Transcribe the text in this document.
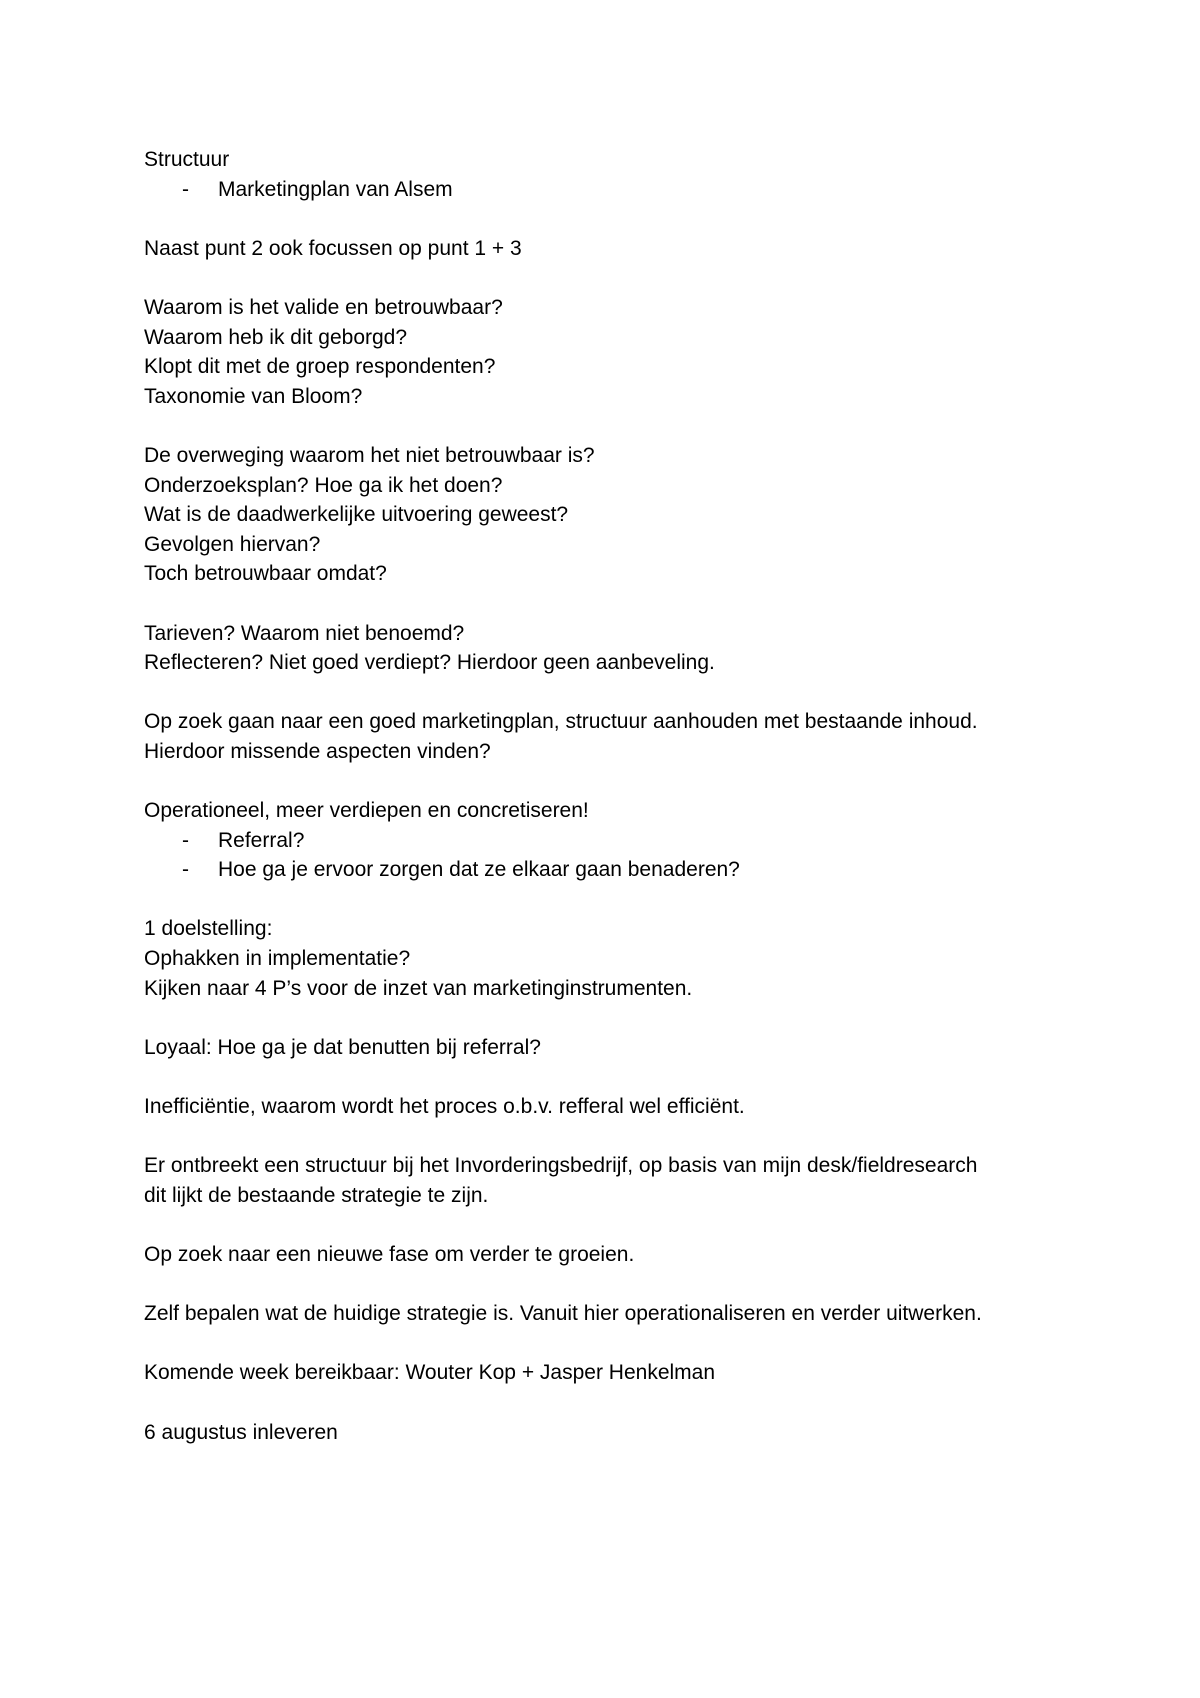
Structuur
- Marketingplan van Alsem
Naast punt 2 ook focussen op punt 1 + 3
Waarom is het valide en betrouwbaar?
Waarom heb ik dit geborgd?
Klopt dit met de groep respondenten?
Taxonomie van Bloom?
De overweging waarom het niet betrouwbaar is?
Onderzoeksplan? Hoe ga ik het doen?
Wat is de daadwerkelijke uitvoering geweest?
Gevolgen hiervan?
Toch betrouwbaar omdat?
Tarieven? Waarom niet benoemd?
Reflecteren? Niet goed verdiept? Hierdoor geen aanbeveling.
Op zoek gaan naar een goed marketingplan, structuur aanhouden met bestaande inhoud.
Hierdoor missende aspecten vinden?
Operationeel, meer verdiepen en concretiseren!
- Referral?
- Hoe ga je ervoor zorgen dat ze elkaar gaan benaderen?
1 doelstelling:
Ophakken in implementatie?
Kijken naar 4 P’s voor de inzet van marketinginstrumenten.
Loyaal: Hoe ga je dat benutten bij referral?
Inefficiëntie, waarom wordt het proces o.b.v. refferal wel efficiënt.
Er ontbreekt een structuur bij het Invorderingsbedrijf, op basis van mijn desk/fieldresearch
dit lijkt de bestaande strategie te zijn.
Op zoek naar een nieuwe fase om verder te groeien.
Zelf bepalen wat de huidige strategie is. Vanuit hier operationaliseren en verder uitwerken.
Komende week bereikbaar: Wouter Kop + Jasper Henkelman
6 augustus inleveren
